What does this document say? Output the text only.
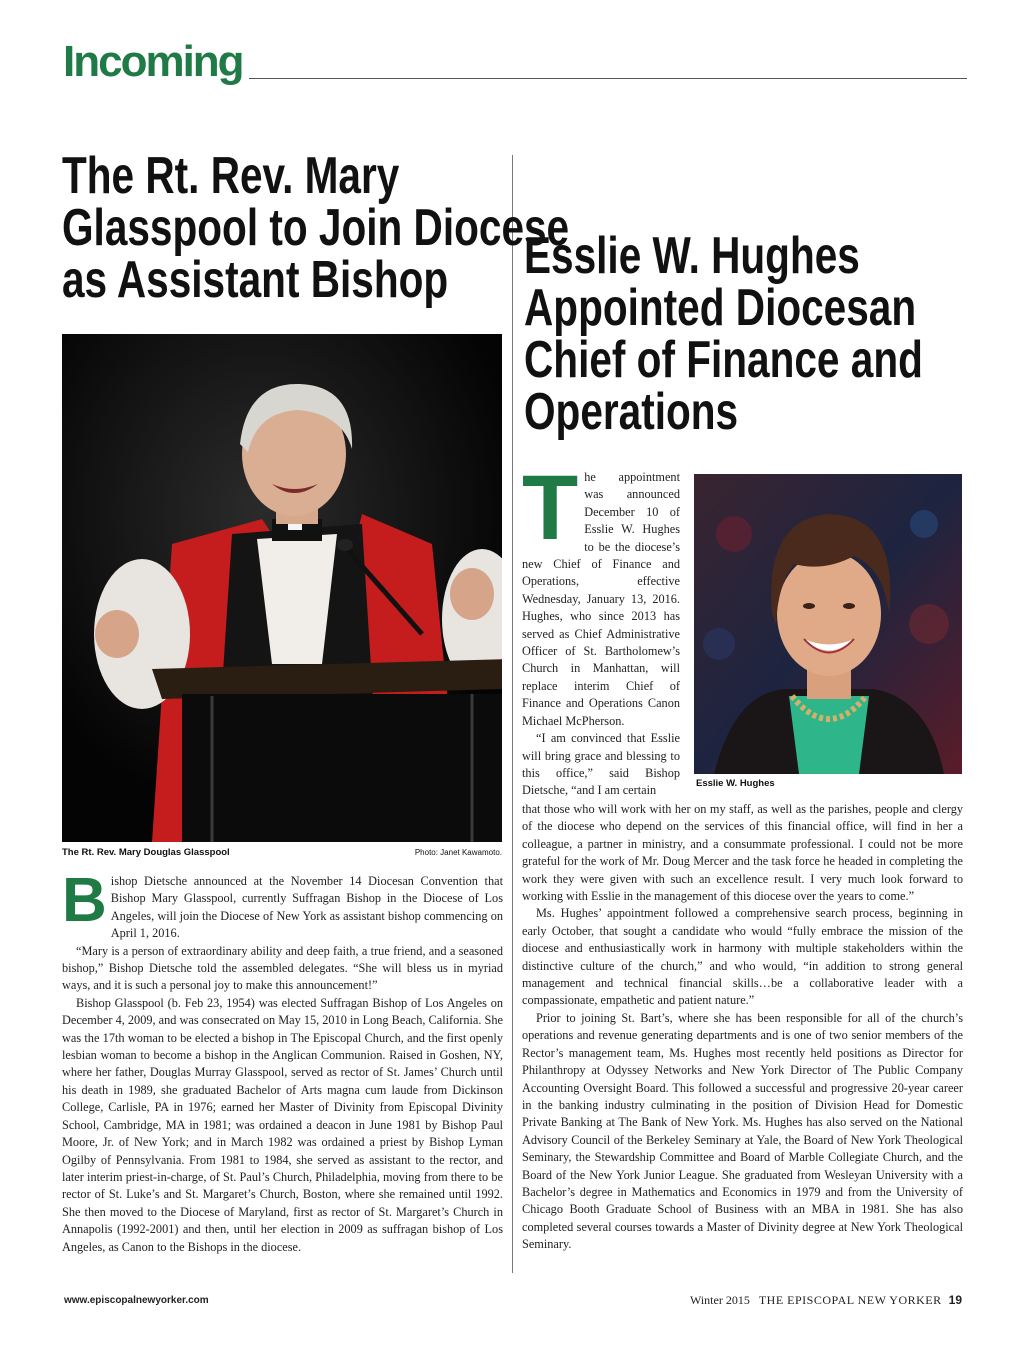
Incoming
The Rt. Rev. Mary
Glasspool to Join Diocese
as Assistant Bishop
The Rt. Rev. Mary Douglas Glasspool	Photo: Janet Kawamoto.

Bishop Dietsche announced at the November 14 Diocesan Convention that Bishop Mary Glasspool, currently Suffragan Bishop in the Diocese of Los Angeles, will join the Diocese of New York as assistant bishop commencing on April 1, 2016.

“Mary is a person of extraordinary ability and deep faith, a true friend, and a seasoned bishop,” Bishop Dietsche told the assembled delegates. “She will bless us in myriad ways, and it is such a personal joy to make this announcement!”

Bishop Glasspool (b. Feb 23, 1954) was elected Suffragan Bishop of Los Angeles on December 4, 2009, and was consecrated on May 15, 2010 in Long Beach, California. She was the 17th woman to be elected a bishop in The Episcopal Church, and the first openly lesbian woman to become a bishop in the Anglican Communion. Raised in Goshen, NY, where her father, Douglas Murray Glasspool, served as rector of St. James’ Church until his death in 1989, she graduated Bachelor of Arts magna cum laude from Dickinson College, Carlisle, PA in 1976; earned her Master of Divinity from Episcopal Divinity School, Cambridge, MA in 1981; was ordained a deacon in June 1981 by Bishop Paul Moore, Jr. of New York; and in March 1982 was ordained a priest by Bishop Lyman Ogilby of Pennsylvania. From 1981 to 1984, she served as assistant to the rector, and later interim priest-in-charge, of St. Paul’s Church, Philadelphia, moving from there to be rector of St. Luke’s and St. Margaret’s Church, Boston, where she remained until 1992. She then moved to the Diocese of Maryland, first as rector of St. Margaret’s Church in Annapolis (1992-2001) and then, until her election in 2009 as suffragan bishop of Los Angeles, as Canon to the Bishops in the diocese.

Esslie W. Hughes
Appointed Diocesan
Chief of Finance and
Operations

The appointment was announced December 10 of Esslie W. Hughes to be the diocese’s new Chief of Finance and Operations, effective Wednesday, January 13, 2016. Hughes, who since 2013 has served as Chief Administrative Officer of St. Bartholomew’s Church in Manhattan, will replace interim Chief of Finance and Operations Canon Michael McPherson.

“I am convinced that Esslie will bring grace and blessing to this office,” said Bishop Dietsche, “and I am certain	Esslie W. Hughes

that those who will work with her on my staff, as well as the parishes, people and clergy of the diocese who depend on the services of this financial office, will find in her a colleague, a partner in ministry, and a consummate professional. I could not be more grateful for the work of Mr. Doug Mercer and the task force he headed in completing the work they were given with such an excellence result. I very much look forward to working with Esslie in the management of this diocese over the years to come.”

Ms. Hughes’ appointment followed a comprehensive search process, beginning in early October, that sought a candidate who would “fully embrace the mission of the diocese and enthusiastically work in harmony with multiple stakeholders within the distinctive culture of the church,” and who would, “in addition to strong general management and technical financial skills…be a collaborative leader with a compassionate, empathetic and patient nature.”

Prior to joining St. Bart’s, where she has been responsible for all of the church’s operations and revenue generating departments and is one of two senior members of the Rector’s management team, Ms. Hughes most recently held positions as Director for Philanthropy at Odyssey Networks and New York Director of The Public Company Accounting Oversight Board. This followed a successful and progressive 20-year career in the banking industry culminating in the position of Division Head for Domestic Private Banking at The Bank of New York. Ms. Hughes has also served on the National Advisory Council of the Berkeley Seminary at Yale, the Board of New York Theological Seminary, the Stewardship Committee and Board of Marble Collegiate Church, and the Board of the New York Junior League. She graduated from Wesleyan University with a Bachelor’s degree in Mathematics and Economics in 1979 and from the University of Chicago Booth Graduate School of Business with an MBA in 1981. She has also completed several courses towards a Master of Divinity degree at New York Theological Seminary.

www.episcopalnewyorker.com	Winter 2015 THE EPISCOPAL NEW YORKER 19
